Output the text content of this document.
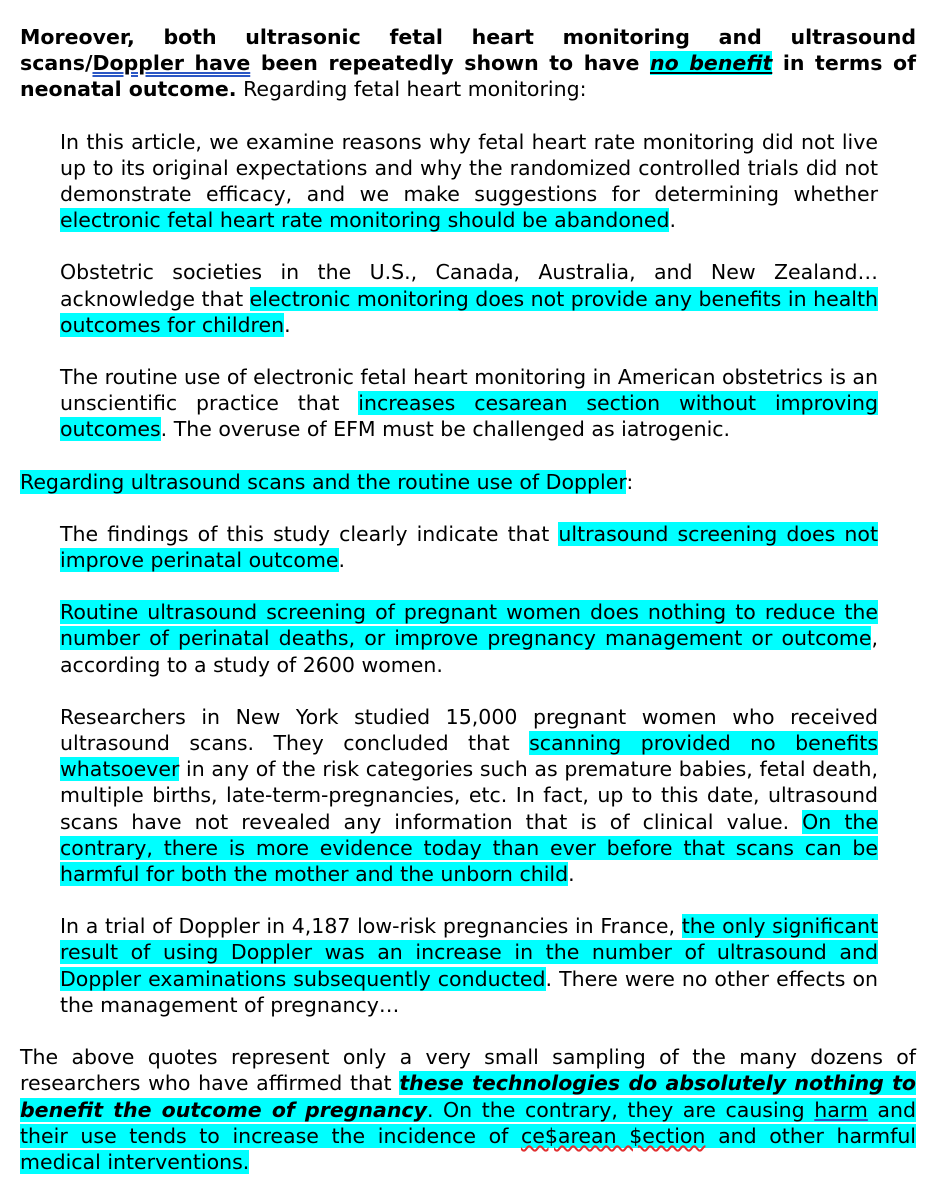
Moreover, both ultrasonic fetal heart monitoring and ultrasound scans/Doppler have been repeatedly shown to have no benefit in terms of neonatal outcome. Regarding fetal heart monitoring:

In this article, we examine reasons why fetal heart rate monitoring did not live up to its original expectations and why the randomized controlled trials did not demonstrate efficacy, and we make suggestions for determining whether electronic fetal heart rate monitoring should be abandoned.

Obstetric societies in the U.S., Canada, Australia, and New Zealand…acknowledge that electronic monitoring does not provide any benefits in health outcomes for children.

The routine use of electronic fetal heart monitoring in American obstetrics is an unscientific practice that increases cesarean section without improving outcomes. The overuse of EFM must be challenged as iatrogenic.

Regarding ultrasound scans and the routine use of Doppler:

The findings of this study clearly indicate that ultrasound screening does not improve perinatal outcome.

Routine ultrasound screening of pregnant women does nothing to reduce the number of perinatal deaths, or improve pregnancy management or outcome, according to a study of 2600 women.

Researchers in New York studied 15,000 pregnant women who received ultrasound scans. They concluded that scanning provided no benefits whatsoever in any of the risk categories such as premature babies, fetal death, multiple births, late-term-pregnancies, etc. In fact, up to this date, ultrasound scans have not revealed any information that is of clinical value. On the contrary, there is more evidence today than ever before that scans can be harmful for both the mother and the unborn child.

In a trial of Doppler in 4,187 low-risk pregnancies in France, the only significant result of using Doppler was an increase in the number of ultrasound and Doppler examinations subsequently conducted. There were no other effects on the management of pregnancy…

The above quotes represent only a very small sampling of the many dozens of researchers who have affirmed that these technologies do absolutely nothing to benefit the outcome of pregnancy. On the contrary, they are causing harm and their use tends to increase the incidence of ce$arean $ection and other harmful medical interventions.
